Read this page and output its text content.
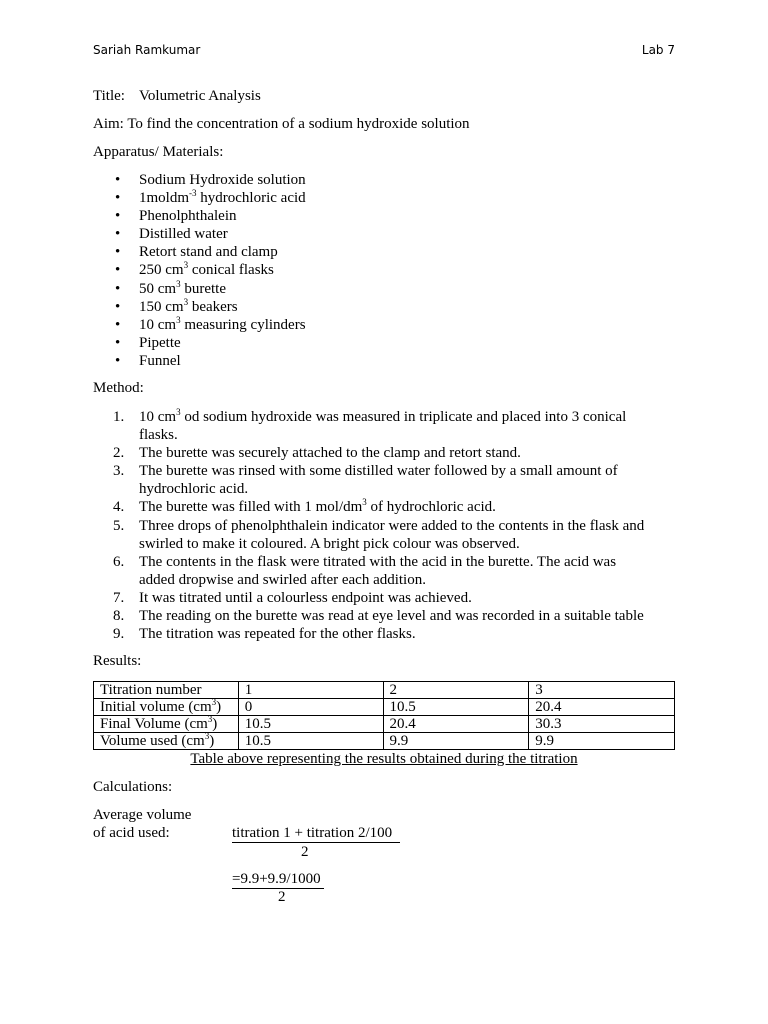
Sariah Ramkumar	Lab 7
Title: Volumetric Analysis
Aim: To find the concentration of a sodium hydroxide solution
Apparatus/ Materials:
• Sodium Hydroxide solution
• 1moldm$^{-3}$ hydrochloric acid
• Phenolphthalein
• Distilled water
• Retort stand and clamp
• 250 $cm^3$ conical flasks
• 50 $cm^3$ burette
• 150 $cm^3$ beakers
• 10 $cm^3$ measuring cylinders
• Pipette
• Funnel
Method:
1. 10 $cm^3$ od sodium hydroxide was measured in triplicate and placed into 3 conical flasks.
2. The burette was securely attached to the clamp and retort stand.
3. The burette was rinsed with some distilled water followed by a small amount of hydrochloric acid.
4. The burette was filled with 1 mol/$dm^3$ of hydrochloric acid.
5. Three drops of phenolphthalein indicator were added to the contents in the flask and swirled to make it coloured. A bright pick colour was observed.
6. The contents in the flask were titrated with the acid in the burette. The acid was added dropwise and swirled after each addition.
7. It was titrated until a colourless endpoint was achieved.
8. The reading on the burette was read at eye level and was recorded in a suitable table
9. The titration was repeated for the other flasks.
Results:
Titration number	1	2	3
Initial volume $(cm^3)$	0	10.5	20.4
Final Volume $(cm^3)$	10.5	20.4	30.3
Volume used $(cm^3)$	10.5	9.9	9.9
Table above representing the results obtained during the titration
Calculations:
Average volume
of acid used:	titration 1 + titration 2/100
2
=9.9+9.9/1000
2
